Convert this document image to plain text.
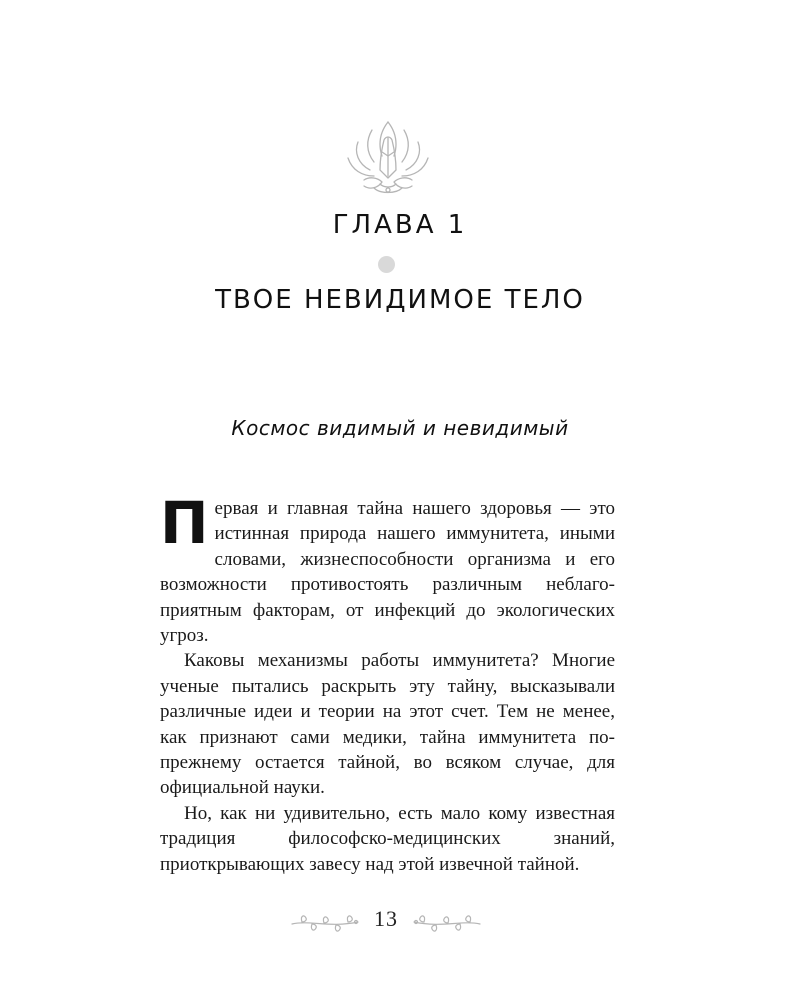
ГЛАВА 1
ТВОЕ НЕВИДИМОЕ ТЕЛО
Космос видимый и невидимый

Первая и главная тайна нашего здоровья — это истинная природа нашего иммунитета, иными словами, жизнеспособности организма и его возможности противостоять различным неблагоприятным факторам, от инфекций до экологических угроз.

Каковы механизмы работы иммунитета? Многие ученые пытались раскрыть эту тайну, высказывали различные идеи и теории на этот счет. Тем не менее, как признают сами медики, тайна иммунитета по-прежнему остается тайной, во всяком случае, для официальной науки.

Но, как ни удивительно, есть мало кому известная традиция философско-медицинских знаний, приоткрывающих завесу над этой извечной тайной.

13
